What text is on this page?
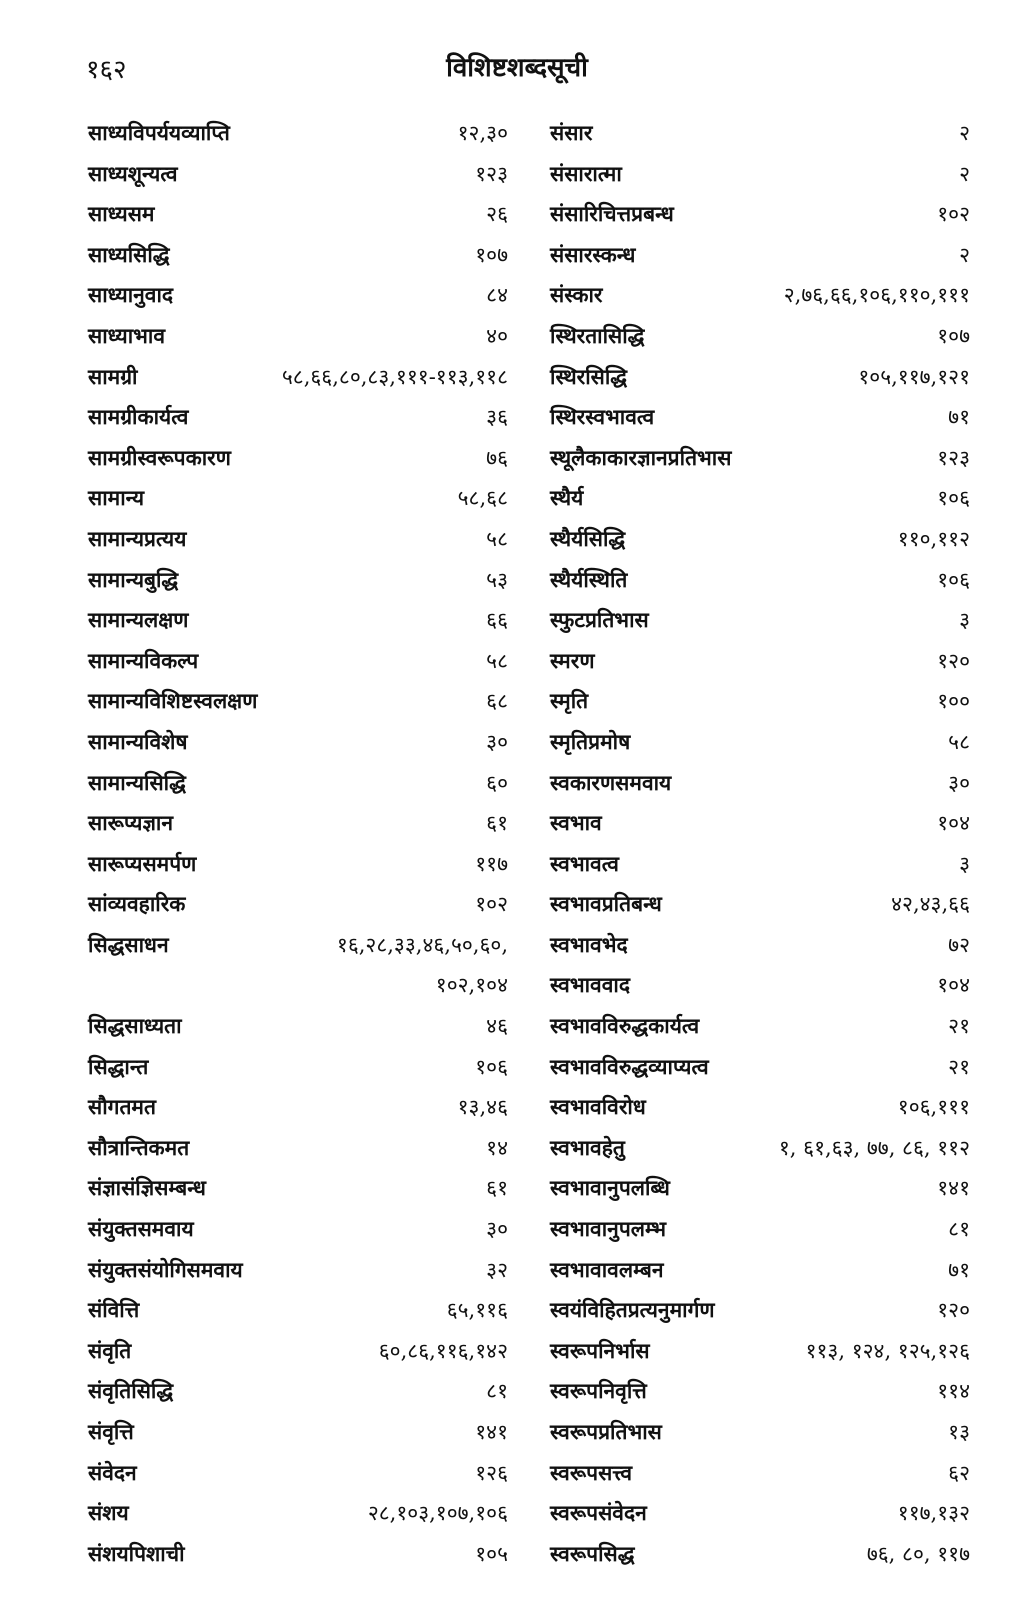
१६२	विशिष्टशब्दसूची
साध्यविपर्ययव्याप्ति	१२,३०
साध्यशून्यत्व	१२३
साध्यसम	२६
साध्यसिद्धि	१०७
साध्यानुवाद	८४
साध्याभाव	४०
सामग्री	५८,६६,८०,८३,१११-११३,११८
सामग्रीकार्यत्व	३६
सामग्रीस्वरूपकारण	७६
सामान्य	५८,६८
सामान्यप्रत्यय	५८
सामान्यबुद्धि	५३
सामान्यलक्षण	६६
सामान्यविकल्प	५८
सामान्यविशिष्टस्वलक्षण	६८
सामान्यविशेष	३०
सामान्यसिद्धि	६०
सारूप्यज्ञान	६१
सारूप्यसमर्पण	११७
सांव्यवहारिक	१०२
सिद्धसाधन	१६,२८,३३,४६,५०,६०,
१०२,१०४
सिद्धसाध्यता	४६
सिद्धान्त	१०६
सौगतमत	१३,४६
सौत्रान्तिकमत	१४
संज्ञासंज्ञिसम्बन्ध	६१
संयुक्तसमवाय	३०
संयुक्तसंयोगिसमवाय	३२
संवित्ति	६५,११६
संवृति	६०,८६,११६,१४२
संवृतिसिद्धि	८१
संवृत्ति	१४१
संवेदन	१२६
संशय	२८,१०३,१०७,१०६
संशयपिशाची	१०५
संसार	२
संसारात्मा	२
संसारिचित्तप्रबन्ध	१०२
संसारस्कन्ध	२
संस्कार	२,७६,६६,१०६,११०,१११
स्थिरतासिद्धि	१०७
स्थिरसिद्धि	१०५,११७,१२१
स्थिरस्वभावत्व	७१
स्थूलैकाकारज्ञानप्रतिभास	१२३
स्थैर्य	१०६
स्थैर्यसिद्धि	११०,११२
स्थैर्यस्थिति	१०६
स्फुटप्रतिभास	३
स्मरण	१२०
स्मृति	१००
स्मृतिप्रमोष	५८
स्वकारणसमवाय	३०
स्वभाव	१०४
स्वभावत्व	३
स्वभावप्रतिबन्ध	४२,४३,६६
स्वभावभेद	७२
स्वभाववाद	१०४
स्वभावविरुद्धकार्यत्व	२१
स्वभावविरुद्धव्याप्यत्व	२१
स्वभावविरोध	१०६,१११
स्वभावहेतु	१, ६१,६३, ७७, ८६, ११२
स्वभावानुपलब्धि	१४१
स्वभावानुपलम्भ	८१
स्वभावावलम्बन	७१
स्वयंविहितप्रत्यनुमार्गण	१२०
स्वरूपनिर्भास	११३, १२४, १२५,१२६
स्वरूपनिवृत्ति	११४
स्वरूपप्रतिभास	१३
स्वरूपसत्त्व	६२
स्वरूपसंवेदन	११७,१३२
स्वरूपसिद्ध	७६, ८०, ११७
